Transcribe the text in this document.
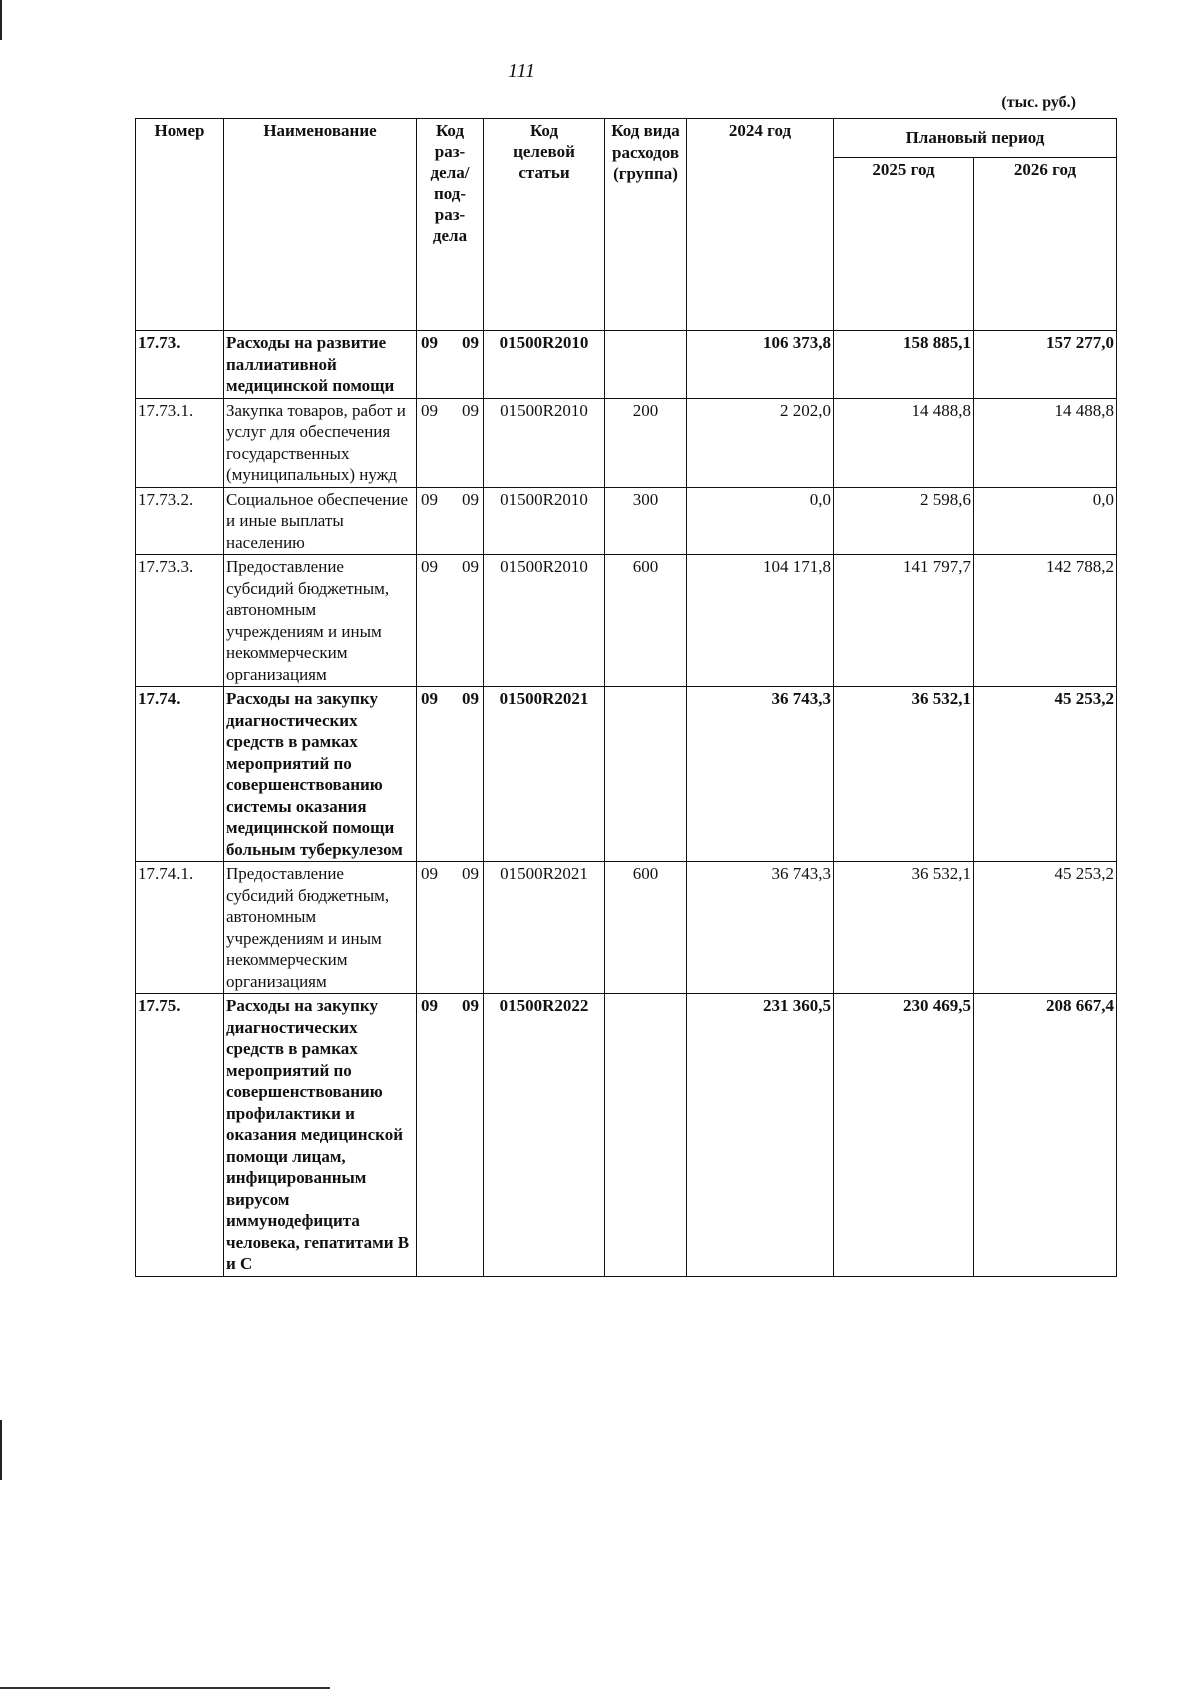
111
(тыс. руб.)
Номер	Наименование	Код раз-дела/ под-раз-дела	Код целевой статьи	Код вида расходов (группа)	2024 год	Плановый период	
						2025 год	2026 год
17.73.	Расходы на развитие паллиативной медицинской помощи	09 09	01500R2010		106 373,8	158 885,1	157 277,0
17.73.1.	Закупка товаров, работ и услуг для обеспечения государственных (муниципальных) нужд	09 09	01500R2010	200	2 202,0	14 488,8	14 488,8
17.73.2.	Социальное обеспечение и иные выплаты населению	09 09	01500R2010	300	0,0	2 598,6	0,0
17.73.3.	Предоставление субсидий бюджетным, автономным учреждениям и иным некоммерческим организациям	09 09	01500R2010	600	104 171,8	141 797,7	142 788,2
17.74.	Расходы на закупку диагностических средств в рамках мероприятий по совершенствованию системы оказания медицинской помощи больным туберкулезом	09 09	01500R2021		36 743,3	36 532,1	45 253,2
17.74.1.	Предоставление субсидий бюджетным, автономным учреждениям и иным некоммерческим организациям	09 09	01500R2021	600	36 743,3	36 532,1	45 253,2
17.75.	Расходы на закупку диагностических средств в рамках мероприятий по совершенствованию профилактики и оказания медицинской помощи лицам, инфицированным вирусом иммунодефицита человека, гепатитами B и C	09 09	01500R2022		231 360,5	230 469,5	208 667,4
